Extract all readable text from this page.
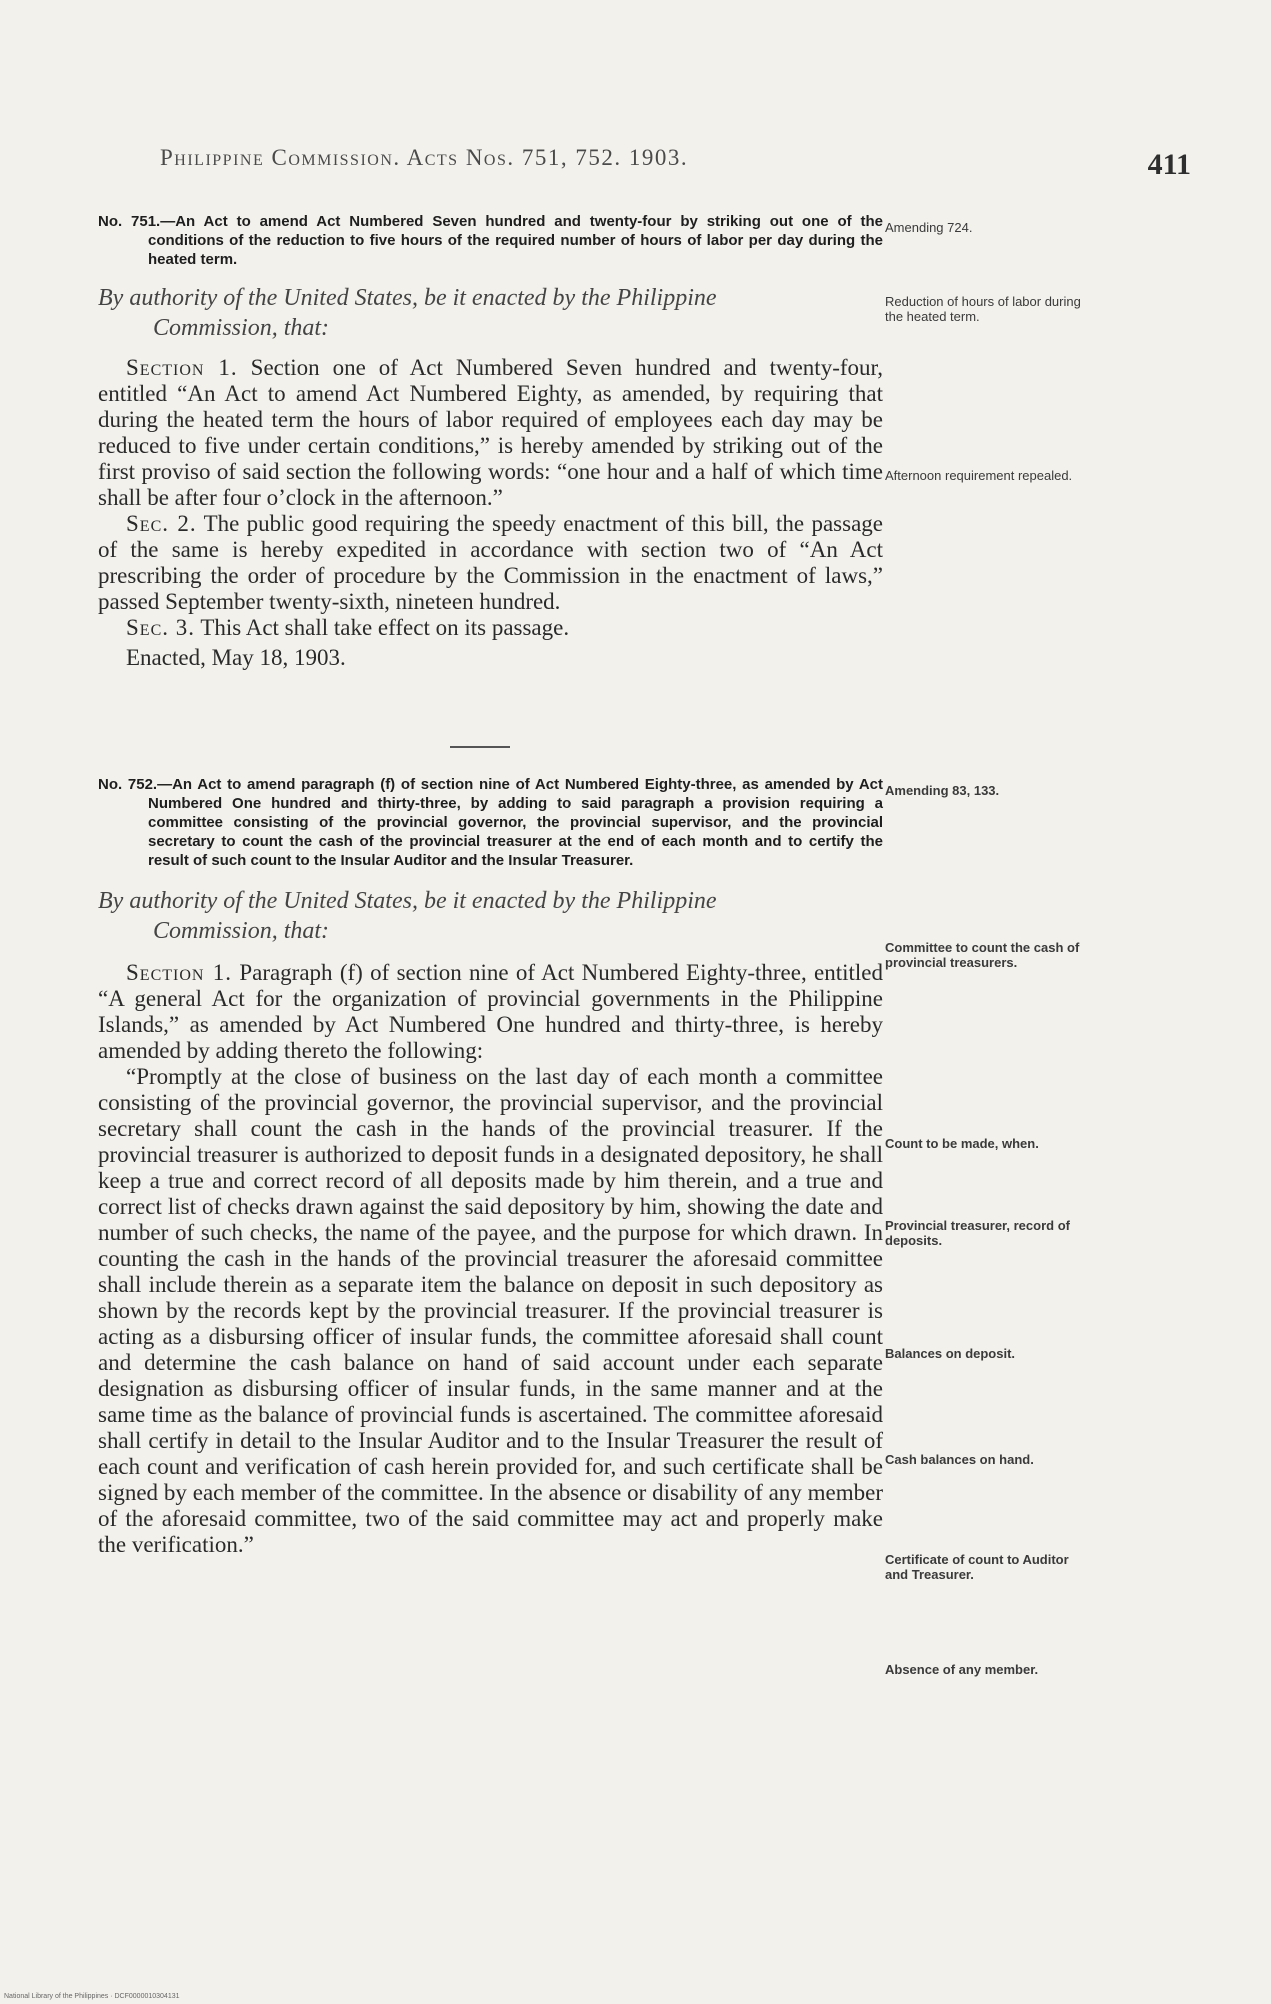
Philippine Commission. Acts Nos. 751, 752. 1903.	411
No. 751.—An Act to amend Act Numbered Seven hundred and twenty-four by striking out one of the conditions of the reduction to five hours of the required number of hours of labor per day during the heated term.
By authority of the United States, be it enacted by the Philippine
Commission, that:

Section 1. Section one of Act Numbered Seven hundred and twenty-four, entitled “An Act to amend Act Numbered Eighty, as amended, by requiring that during the heated term the hours of labor required of employees each day may be reduced to five under certain conditions,” is hereby amended by striking out of the first proviso of said section the following words: “one hour and a half of which time shall be after four o’clock in the afternoon.”

Sec. 2. The public good requiring the speedy enactment of this bill, the passage of the same is hereby expedited in accordance with section two of “An Act prescribing the order of procedure by the Commission in the enactment of laws,” passed September twenty-sixth, nineteen hundred.

Sec. 3. This Act shall take effect on its passage.

Enacted, May 18, 1903.
No. 752.—An Act to amend paragraph (f) of section nine of Act Numbered Eighty-three, as amended by Act Numbered One hundred and thirty-three, by adding to said paragraph a provision requiring a committee consisting of the provincial governor, the provincial supervisor, and the provincial secretary to count the cash of the provincial treasurer at the end of each month and to certify the result of such count to the Insular Auditor and the Insular Treasurer.
By authority of the United States, be it enacted by the Philippine
Commission, that:

Section 1. Paragraph (f) of section nine of Act Numbered Eighty-three, entitled “A general Act for the organization of provincial governments in the Philippine Islands,” as amended by Act Numbered One hundred and thirty-three, is hereby amended by adding thereto the following:

“Promptly at the close of business on the last day of each month a committee consisting of the provincial governor, the provincial supervisor, and the provincial secretary shall count the cash in the hands of the provincial treasurer. If the provincial treasurer is authorized to deposit funds in a designated depository, he shall keep a true and correct record of all deposits made by him therein, and a true and correct list of checks drawn against the said depository by him, showing the date and number of such checks, the name of the payee, and the purpose for which drawn. In counting the cash in the hands of the provincial treasurer the aforesaid committee shall include therein as a separate item the balance on deposit in such depository as shown by the records kept by the provincial treasurer. If the provincial treasurer is acting as a disbursing officer of insular funds, the committee aforesaid shall count and determine the cash balance on hand of said account under each separate designation as disbursing officer of insular funds, in the same manner and at the same time as the balance of provincial funds is ascertained. The committee aforesaid shall certify in detail to the Insular Auditor and to the Insular Treasurer the result of each count and verification of cash herein provided for, and such certificate shall be signed by each member of the committee. In the absence or disability of any member of the aforesaid committee, two of the said committee may act and properly make the verification.”

Amending 724.
Reduction of hours of labor during the heated term.
Afternoon requirement repealed.
Amending 83, 133.
Committee to count the cash of provincial treasurers.
Count to be made, when.
Provincial treasurer, record of deposits.
Balances on deposit.
Cash balances on hand.
Certificate of count to Auditor and Treasurer.
Absence of any member.
National Library of the Philippines · DCF0000010304131
